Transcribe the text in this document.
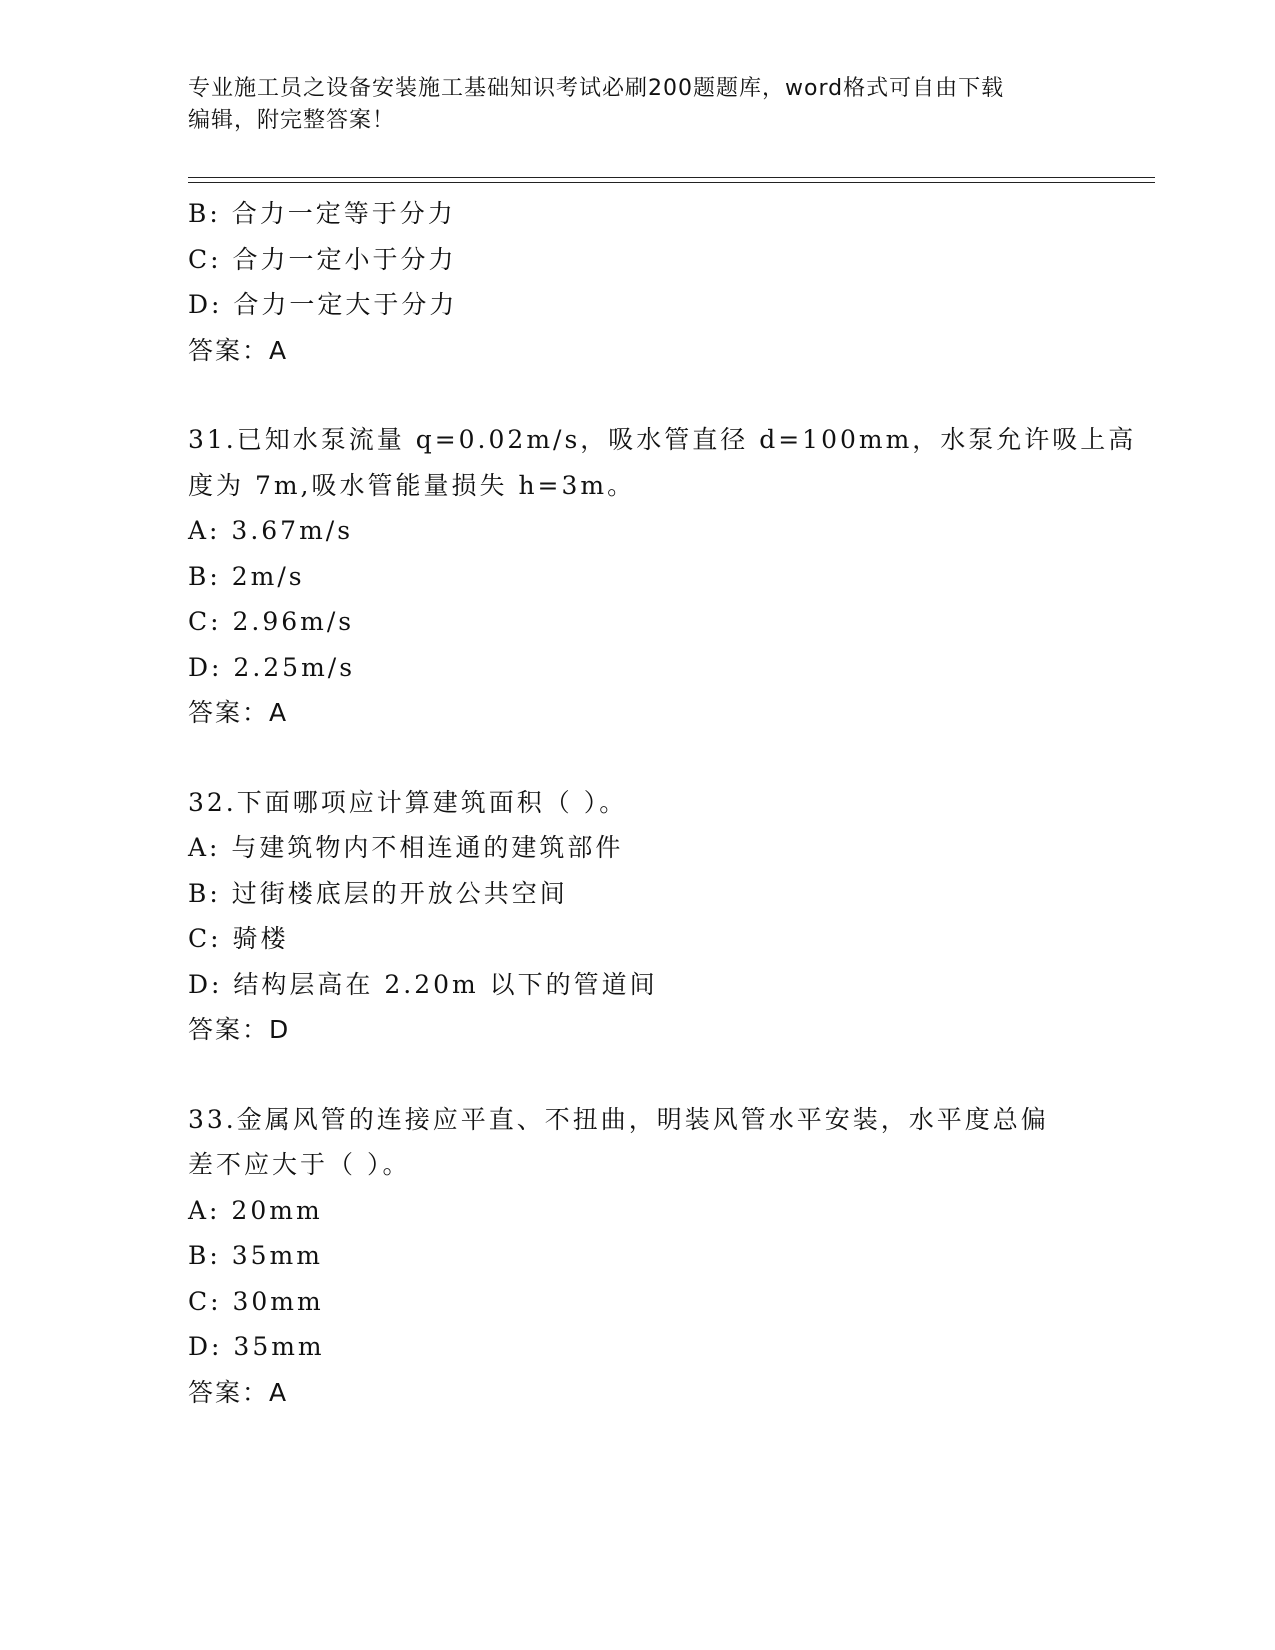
专业施工员之设备安装施工基础知识考试必刷200题题库，word格式可自由下载
编辑，附完整答案！
B: 合力一定等于分力
C: 合力一定小于分力
D: 合力一定大于分力
答案：A
31.已知水泵流量 q=0.02m/s，吸水管直径 d=100mm，水泵允许吸上高
度为 7m,吸水管能量损失 h=3m。
A: 3.67m/s
B: 2m/s
C: 2.96m/s
D: 2.25m/s
答案：A
32.下面哪项应计算建筑面积（ ）。
A: 与建筑物内不相连通的建筑部件
B: 过街楼底层的开放公共空间
C: 骑楼
D: 结构层高在 2.20m 以下的管道间
答案：D
33.金属风管的连接应平直、不扭曲，明装风管水平安装，水平度总偏
差不应大于（ ）。
A: 20mm
B: 35mm
C: 30mm
D: 35mm
答案：A
